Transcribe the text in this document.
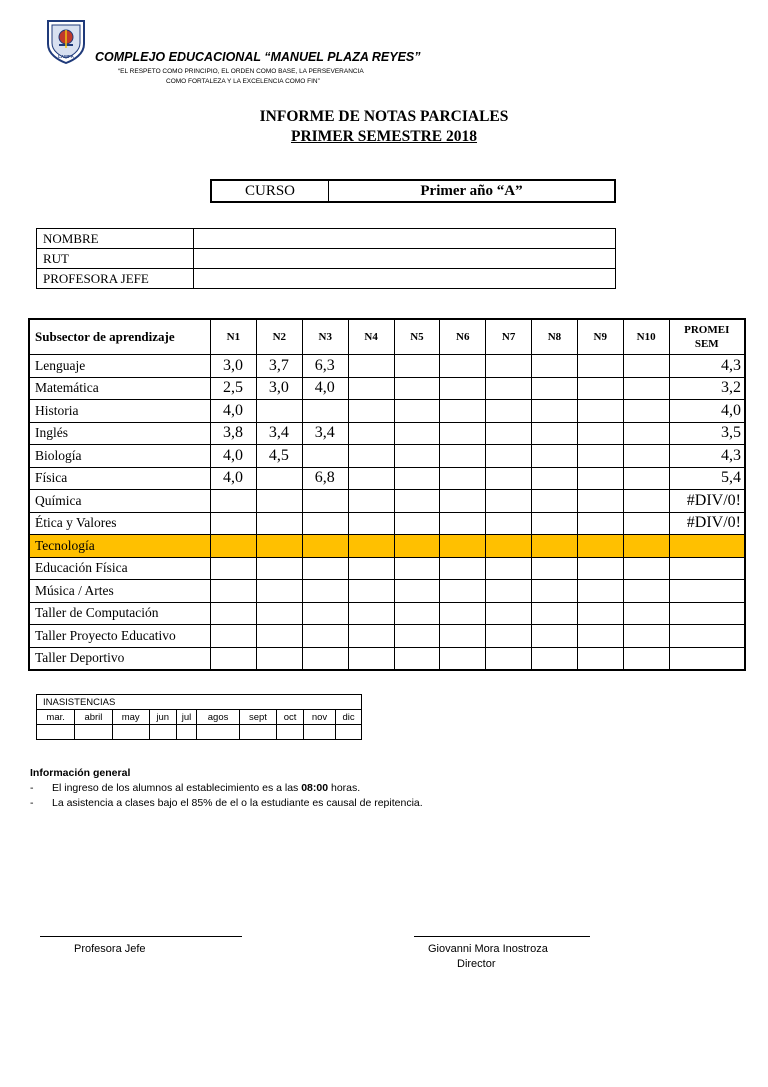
LAMPA	COMPLEJO EDUCACIONAL “MANUEL PLAZA REYES”
“EL RESPETO COMO PRINCIPIO, EL ORDEN COMO BASE, LA PERSEVERANCIA
COMO FORTALEZA Y LA EXCELENCIA COMO FIN”
INFORME DE NOTAS PARCIALES
PRIMER SEMESTRE 2018
CURSO	Primer año “A”
NOMBRE	
RUT	
PROFESORA JEFE	
Subsector de aprendizaje	N1	N2	N3	N4	N5	N6	N7	N8	N9	N10	PROMEI
SEM
Lenguaje	3,0	3,7	6,3								4,3
Matemática	2,5	3,0	4,0								3,2
Historia	4,0										4,0
Inglés	3,8	3,4	3,4								3,5
Biología	4,0	4,5									4,3
Física	4,0		6,8								5,4
Química											#DIV/0!
Ética y Valores											#DIV/0!
Tecnología											
Educación Física											
Música / Artes											
Taller de Computación											
Taller Proyecto Educativo											
Taller Deportivo											
INASISTENCIAS									
mar.	abril	may	jun	jul	agos	sept	oct	nov	dic

Información general
- El ingreso de los alumnos al establecimiento es a las 08:00 horas.
- La asistencia a clases bajo el 85% de el o la estudiante es causal de repitencia.
Profesora Jefe	Giovanni Mora Inostroza
Director
